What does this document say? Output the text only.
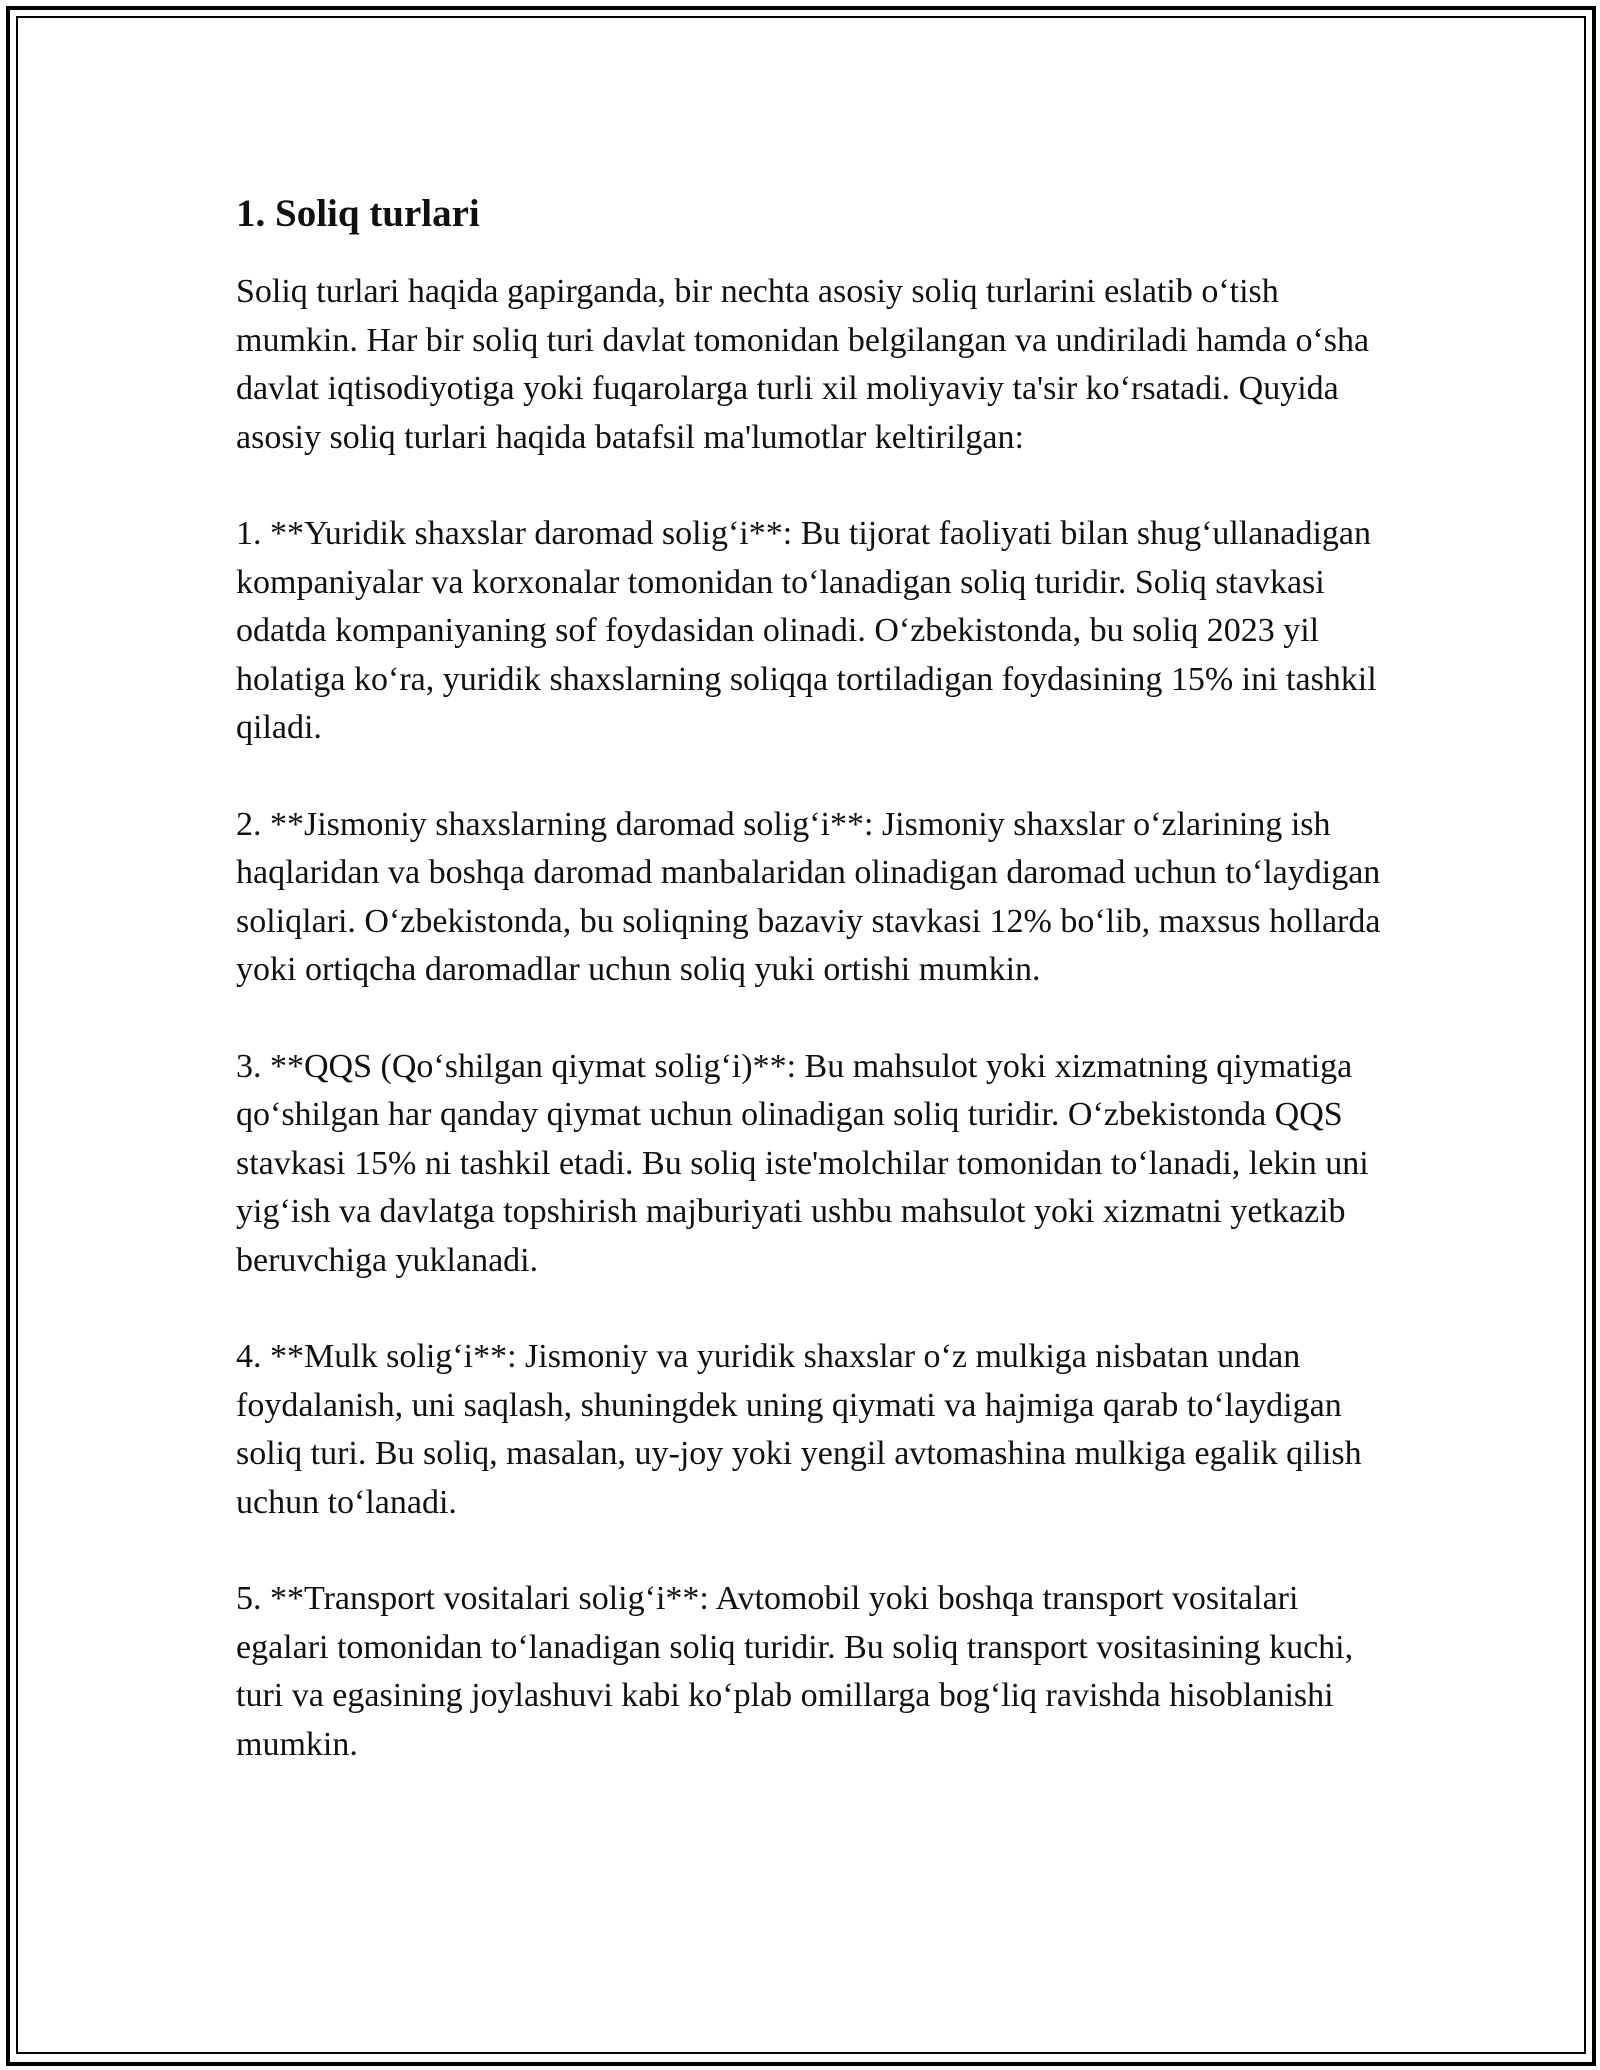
1. Soliq turlari

Soliq turlari haqida gapirganda, bir nechta asosiy soliq turlarini eslatib o‘tish mumkin. Har bir soliq turi davlat tomonidan belgilangan va undiriladi hamda o‘sha davlat iqtisodiyotiga yoki fuqarolarga turli xil moliyaviy ta'sir ko‘rsatadi. Quyida asosiy soliq turlari haqida batafsil ma'lumotlar keltirilgan:

1. **Yuridik shaxslar daromad solig‘i**: Bu tijorat faoliyati bilan shug‘ullanadigan kompaniyalar va korxonalar tomonidan to‘lanadigan soliq turidir. Soliq stavkasi odatda kompaniyaning sof foydasidan olinadi. O‘zbekistonda, bu soliq 2023 yil holatiga ko‘ra, yuridik shaxslarning soliqqa tortiladigan foydasining 15% ini tashkil qiladi.

2. **Jismoniy shaxslarning daromad solig‘i**: Jismoniy shaxslar o‘zlarining ish haqlaridan va boshqa daromad manbalaridan olinadigan daromad uchun to‘laydigan soliqlari. O‘zbekistonda, bu soliqning bazaviy stavkasi 12% bo‘lib, maxsus hollarda yoki ortiqcha daromadlar uchun soliq yuki ortishi mumkin.

3. **QQS (Qo‘shilgan qiymat solig‘i)**: Bu mahsulot yoki xizmatning qiymatiga qo‘shilgan har qanday qiymat uchun olinadigan soliq turidir. O‘zbekistonda QQS stavkasi 15% ni tashkil etadi. Bu soliq iste'molchilar tomonidan to‘lanadi, lekin uni yig‘ish va davlatga topshirish majburiyati ushbu mahsulot yoki xizmatni yetkazib beruvchiga yuklanadi.

4. **Mulk solig‘i**: Jismoniy va yuridik shaxslar o‘z mulkiga nisbatan undan foydalanish, uni saqlash, shuningdek uning qiymati va hajmiga qarab to‘laydigan soliq turi. Bu soliq, masalan, uy-joy yoki yengil avtomashina mulkiga egalik qilish uchun to‘lanadi.

5. **Transport vositalari solig‘i**: Avtomobil yoki boshqa transport vositalari egalari tomonidan to‘lanadigan soliq turidir. Bu soliq transport vositasining kuchi, turi va egasining joylashuvi kabi ko‘plab omillarga bog‘liq ravishda hisoblanishi mumkin.
